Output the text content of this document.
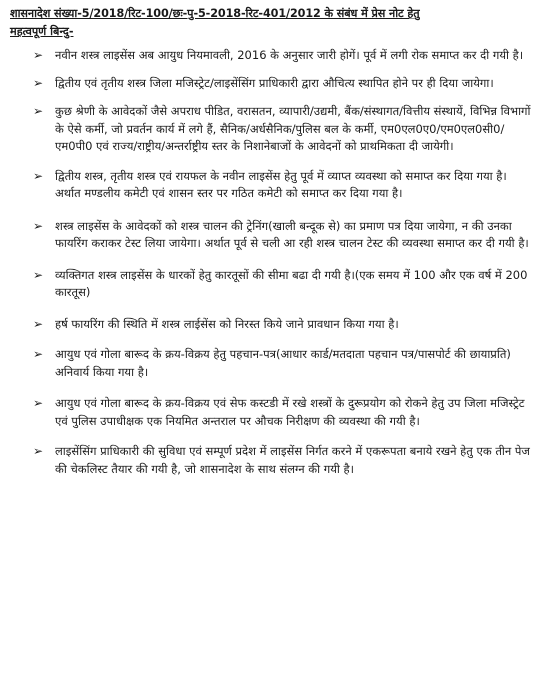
शासनादेश संख्या-5/2018/रिट-100/छः-पु-5-2018-रिट-401/2012 के संबंध में प्रेस नोट हेतु
महत्वपूर्ण बिन्दु-
➢ नवीन शस्त्र लाइसेंस अब आयुध नियमावली, 2016 के अनुसार जारी होगें। पूर्व में लगी रोक समाप्त कर दी गयी है।
➢ द्वितीय एवं तृतीय शस्त्र जिला मजिस्ट्रेट/लाइसेंसिंग प्राधिकारी द्वारा औचित्य स्थापित होने पर ही दिया जायेगा।
➢ कुछ श्रेणी के आवेदकों जैसे अपराध पीडित, वरासतन, व्यापारी/उद्यमी, बैंक/संस्थागत/वित्तीय संस्थायें, विभिन्न विभागों के ऐसे कर्मी, जो प्रवर्तन कार्य में लगे हैं, सैनिक/अर्धसैनिक/पुलिस बल के कर्मी, एम0एल0ए0/एम0एल0सी0/एम0पी0 एवं राज्य/राष्ट्रीय/अन्तर्राष्ट्रीय स्तर के निशानेबाजों के आवेदनों को प्राथमिकता दी जायेगी।
➢ द्वितीय शस्त्र, तृतीय शस्त्र एवं रायफल के नवीन लाइसेंस हेतु पूर्व में व्याप्त व्यवस्था को समाप्त कर दिया गया है। अर्थात मण्डलीय कमेटी एवं शासन स्तर पर गठित कमेटी को समाप्त कर दिया गया है।
➢ शस्त्र लाइसेंस के आवेदकों को शस्त्र चालन की ट्रेनिंग(खाली बन्दूक से) का प्रमाण पत्र दिया जायेगा, न की उनका फायरिंग कराकर टेस्ट लिया जायेगा। अर्थात पूर्व से चली आ रही शस्त्र चालन टेस्ट की व्यवस्था समाप्त कर दी गयी है।
➢ व्यक्तिगत शस्त्र लाइसेंस के धारकों हेतु कारतूसों की सीमा बढा दी गयी है।(एक समय में 100 और एक वर्ष में 200 कारतूस)
➢ हर्ष फायरिंग की स्थिति में शस्त्र लाईसेंस को निरस्त किये जाने प्रावधान किया गया है।
➢ आयुध एवं गोला बारूद के क्रय-विक्रय हेतु पहचान-पत्र(आधार कार्ड/मतदाता पहचान पत्र/पासपोर्ट की छायाप्रति) अनिवार्य किया गया है।
➢ आयुध एवं गोला बारूद के क्रय-विक्रय एवं सेफ कस्टडी में रखे शस्त्रों के दुरूप्रयोग को रोकने हेतु उप जिला मजिस्ट्रेट एवं पुलिस उपाधीक्षक एक नियमित अन्तराल पर औचक निरीक्षण की व्यवस्था की गयी है।
➢ लाइसेंसिंग प्राधिकारी की सुविधा एवं सम्पूर्ण प्रदेश में लाइसेंस निर्गत करने में एकरूपता बनाये रखने हेतु एक तीन पेज की चेकलिस्ट तैयार की गयी है, जो शासनादेश के साथ संलग्न की गयी है।
